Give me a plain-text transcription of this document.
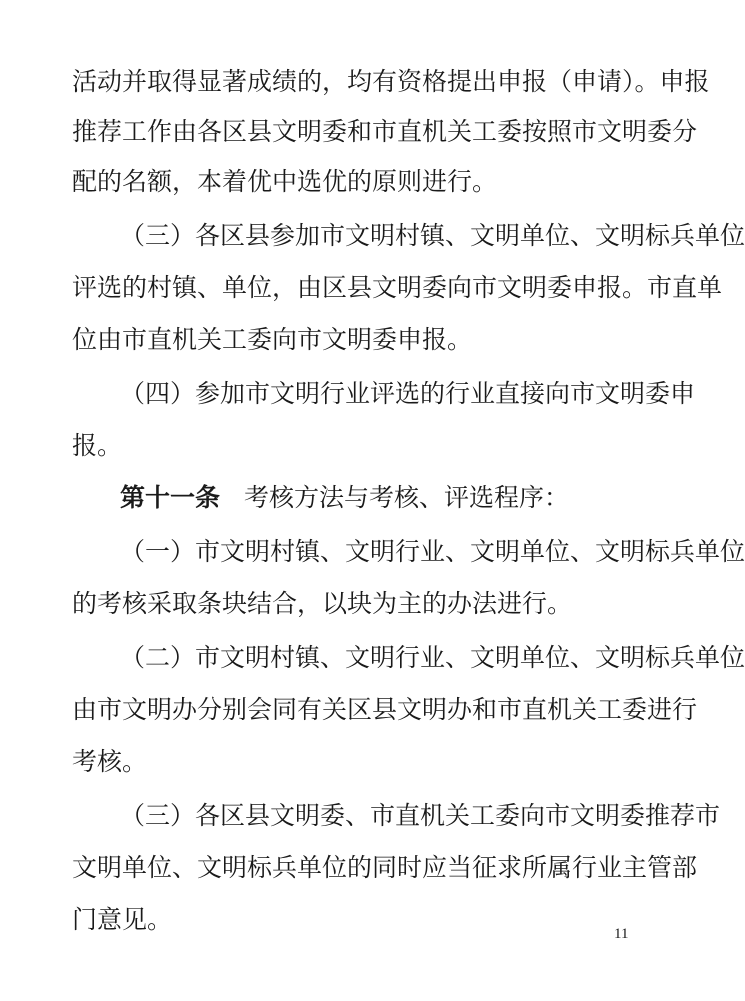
活动并取得显著成绩的，均有资格提出申报（申请）。申报
推荐工作由各区县文明委和市直机关工委按照市文明委分
配的名额，本着优中选优的原则进行。
（三）各区县参加市文明村镇、文明单位、文明标兵单位
评选的村镇、单位，由区县文明委向市文明委申报。市直单
位由市直机关工委向市文明委申报。
（四）参加市文明行业评选的行业直接向市文明委申
报。
第十一条 考核方法与考核、评选程序：
（一）市文明村镇、文明行业、文明单位、文明标兵单位
的考核采取条块结合，以块为主的办法进行。
（二）市文明村镇、文明行业、文明单位、文明标兵单位
由市文明办分别会同有关区县文明办和市直机关工委进行
考核。
（三）各区县文明委、市直机关工委向市文明委推荐市
文明单位、文明标兵单位的同时应当征求所属行业主管部
门意见。	11
